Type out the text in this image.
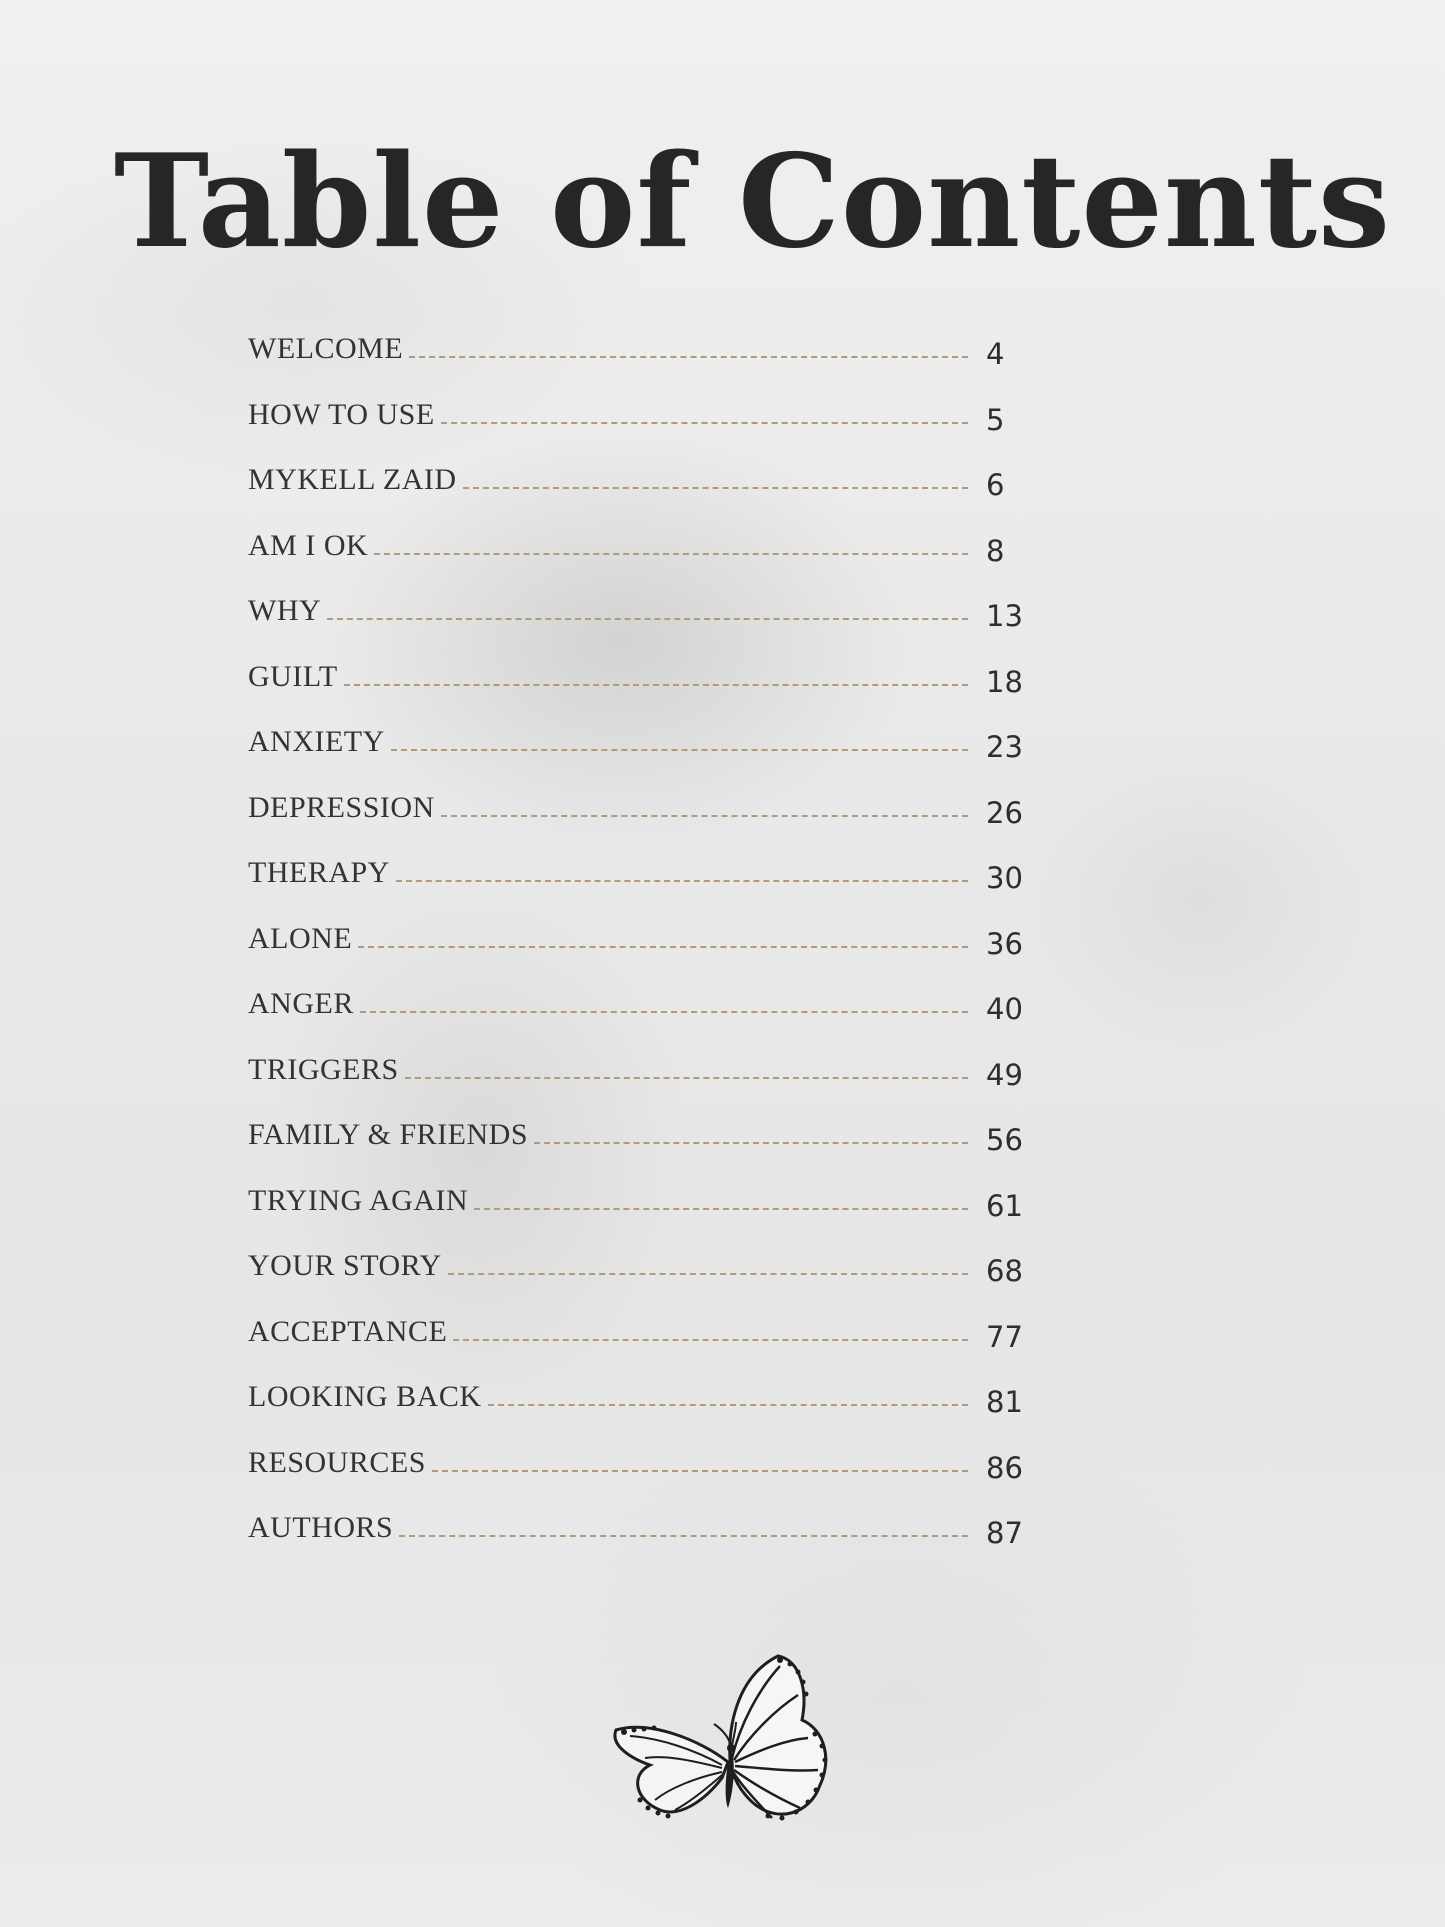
Table of Contents
WELCOME	4
HOW TO USE	5
MYKELL ZAID	6
AM I OK	8
WHY	13
GUILT	18
ANXIETY	23
DEPRESSION	26
THERAPY	30
ALONE	36
ANGER	40
TRIGGERS	49
FAMILY & FRIENDS	56
TRYING AGAIN	61
YOUR STORY	68
ACCEPTANCE	77
LOOKING BACK	81
RESOURCES	86
AUTHORS	87
